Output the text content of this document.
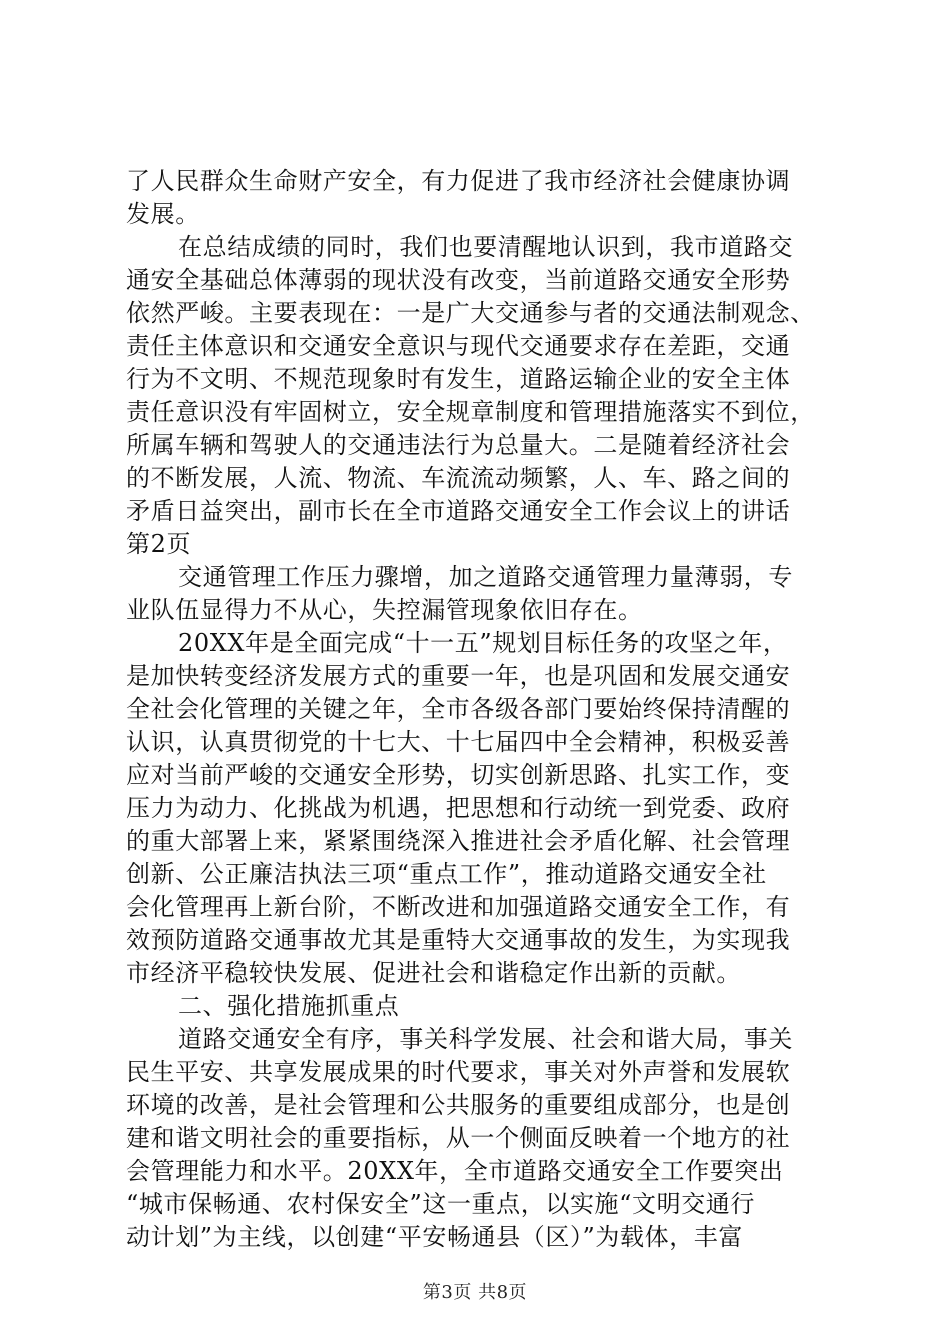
了人民群众生命财产安全，有力促进了我市经济社会健康协调
发展。
在总结成绩的同时，我们也要清醒地认识到，我市道路交
通安全基础总体薄弱的现状没有改变，当前道路交通安全形势
依然严峻。主要表现在：一是广大交通参与者的交通法制观念、
责任主体意识和交通安全意识与现代交通要求存在差距，交通
行为不文明、不规范现象时有发生，道路运输企业的安全主体
责任意识没有牢固树立，安全规章制度和管理措施落实不到位，
所属车辆和驾驶人的交通违法行为总量大。二是随着经济社会
的不断发展，人流、物流、车流流动频繁，人、车、路之间的
矛盾日益突出，副市长在全市道路交通安全工作会议上的讲话
第2页
交通管理工作压力骤增，加之道路交通管理力量薄弱，专
业队伍显得力不从心，失控漏管现象依旧存在。
20XX年是全面完成“十一五”规划目标任务的攻坚之年，
是加快转变经济发展方式的重要一年，也是巩固和发展交通安
全社会化管理的关键之年，全市各级各部门要始终保持清醒的
认识，认真贯彻党的十七大、十七届四中全会精神，积极妥善
应对当前严峻的交通安全形势，切实创新思路、扎实工作，变
压力为动力、化挑战为机遇，把思想和行动统一到党委、政府
的重大部署上来，紧紧围绕深入推进社会矛盾化解、社会管理
创新、公正廉洁执法三项“重点工作”，推动道路交通安全社
会化管理再上新台阶，不断改进和加强道路交通安全工作，有
效预防道路交通事故尤其是重特大交通事故的发生，为实现我
市经济平稳较快发展、促进社会和谐稳定作出新的贡献。
二、强化措施抓重点
道路交通安全有序，事关科学发展、社会和谐大局，事关
民生平安、共享发展成果的时代要求，事关对外声誉和发展软
环境的改善，是社会管理和公共服务的重要组成部分，也是创
建和谐文明社会的重要指标，从一个侧面反映着一个地方的社
会管理能力和水平。20XX年，全市道路交通安全工作要突出
“城市保畅通、农村保安全”这一重点，以实施“文明交通行
动计划”为主线，以创建“平安畅通县（区）”为载体，丰富
第3页 共8页
